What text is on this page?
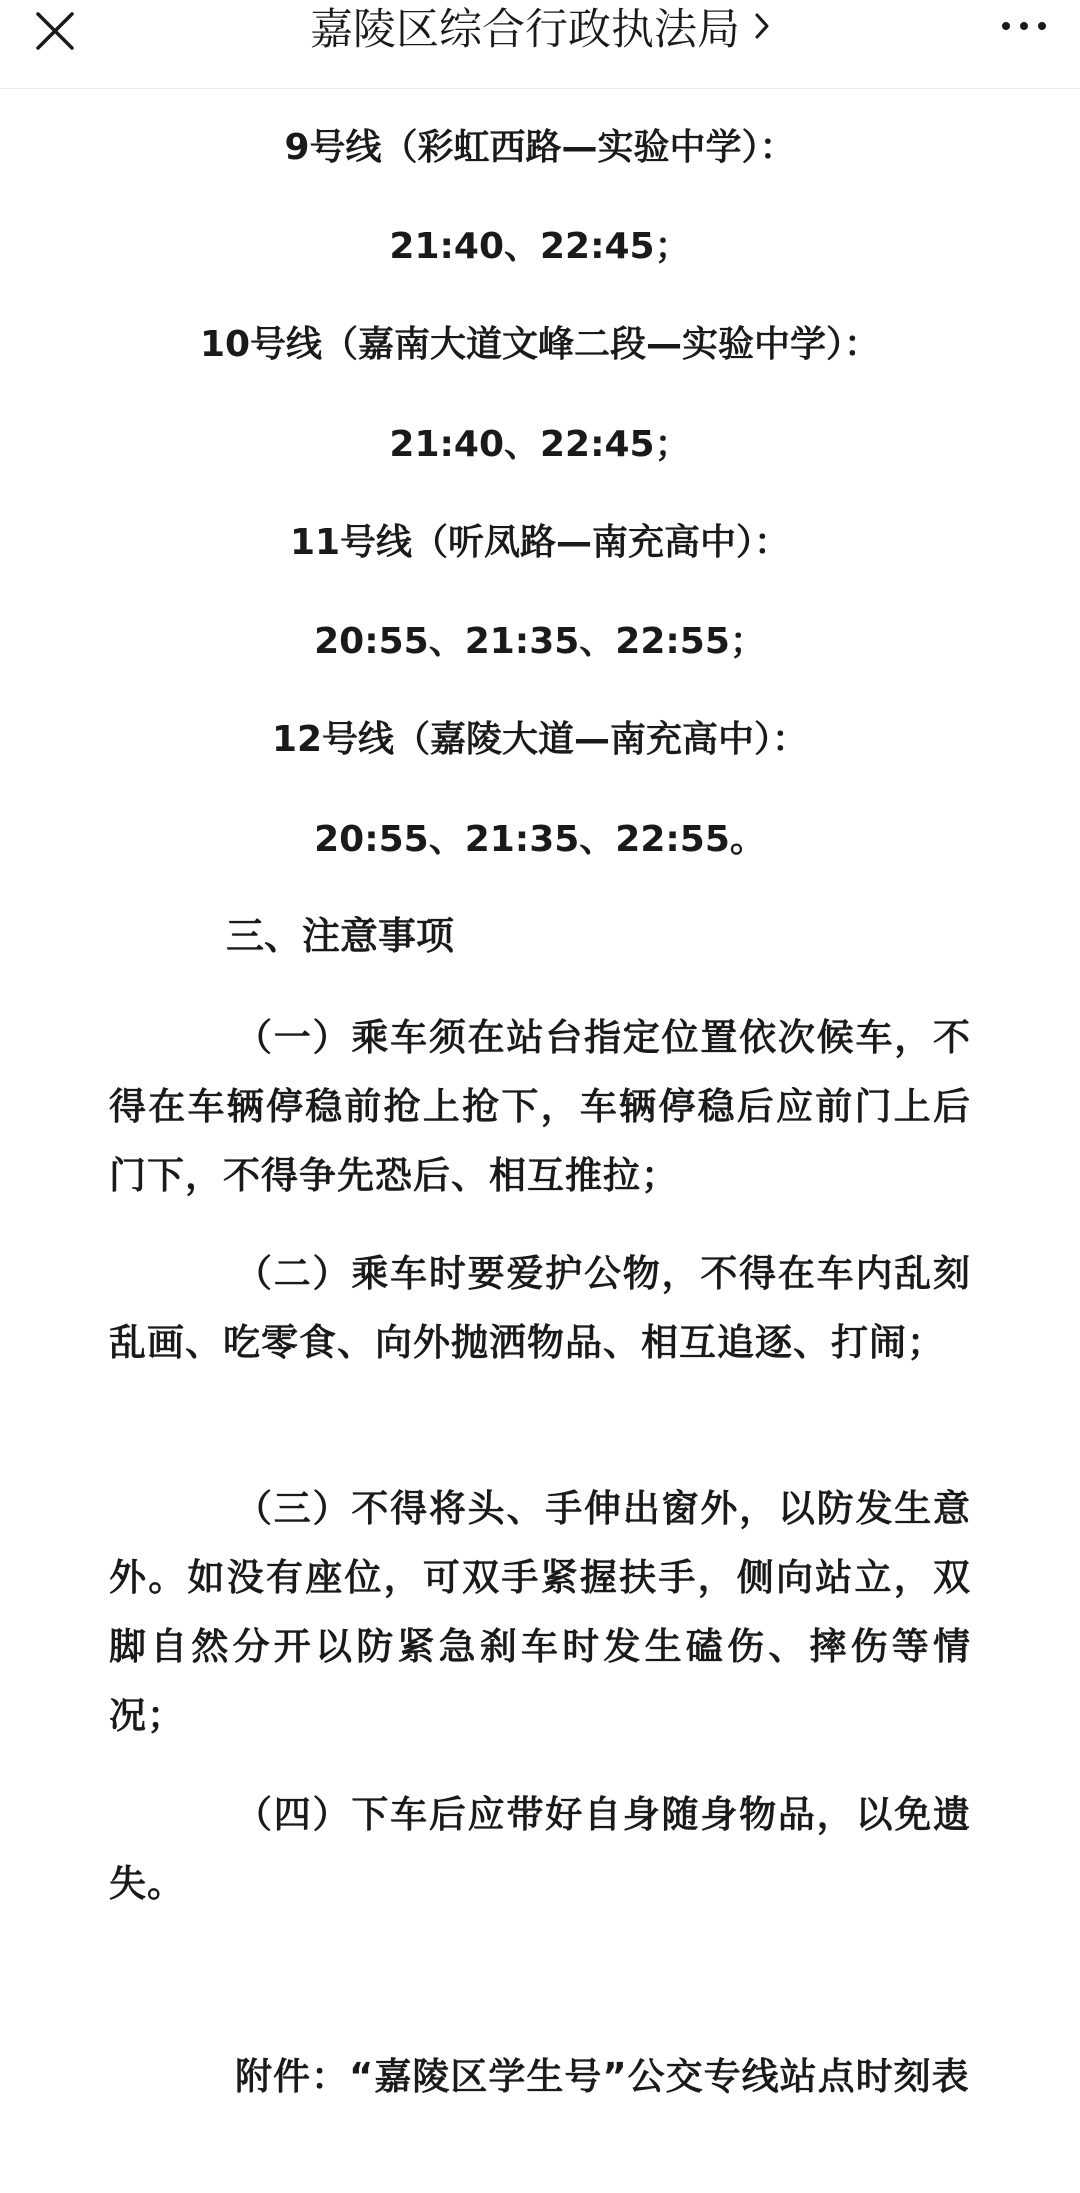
9号线（彩虹西路—实验中学）：
21:40、22:45；
10号线（嘉南大道文峰二段—实验中学）：
21:40、22:45；
11号线（听凤路—南充高中）：
20:55、21:35、22:55；
12号线（嘉陵大道—南充高中）：
20:55、21:35、22:55。
三、注意事项
（一）乘车须在站台指定位置依次候车，不得在车辆停稳前抢上抢下，车辆停稳后应前门上后门下，不得争先恐后、相互推拉；
（二）乘车时要爱护公物，不得在车内乱刻乱画、吃零食、向外抛洒物品、相互追逐、打闹；
（三）不得将头、手伸出窗外，以防发生意外。如没有座位，可双手紧握扶手，侧向站立，双脚自然分开以防紧急刹车时发生磕伤、摔伤等情况；
（四）下车后应带好自身随身物品，以免遗失。
附件：“嘉陵区学生号”公交专线站点时刻表
嘉陵区综合行政执法局
